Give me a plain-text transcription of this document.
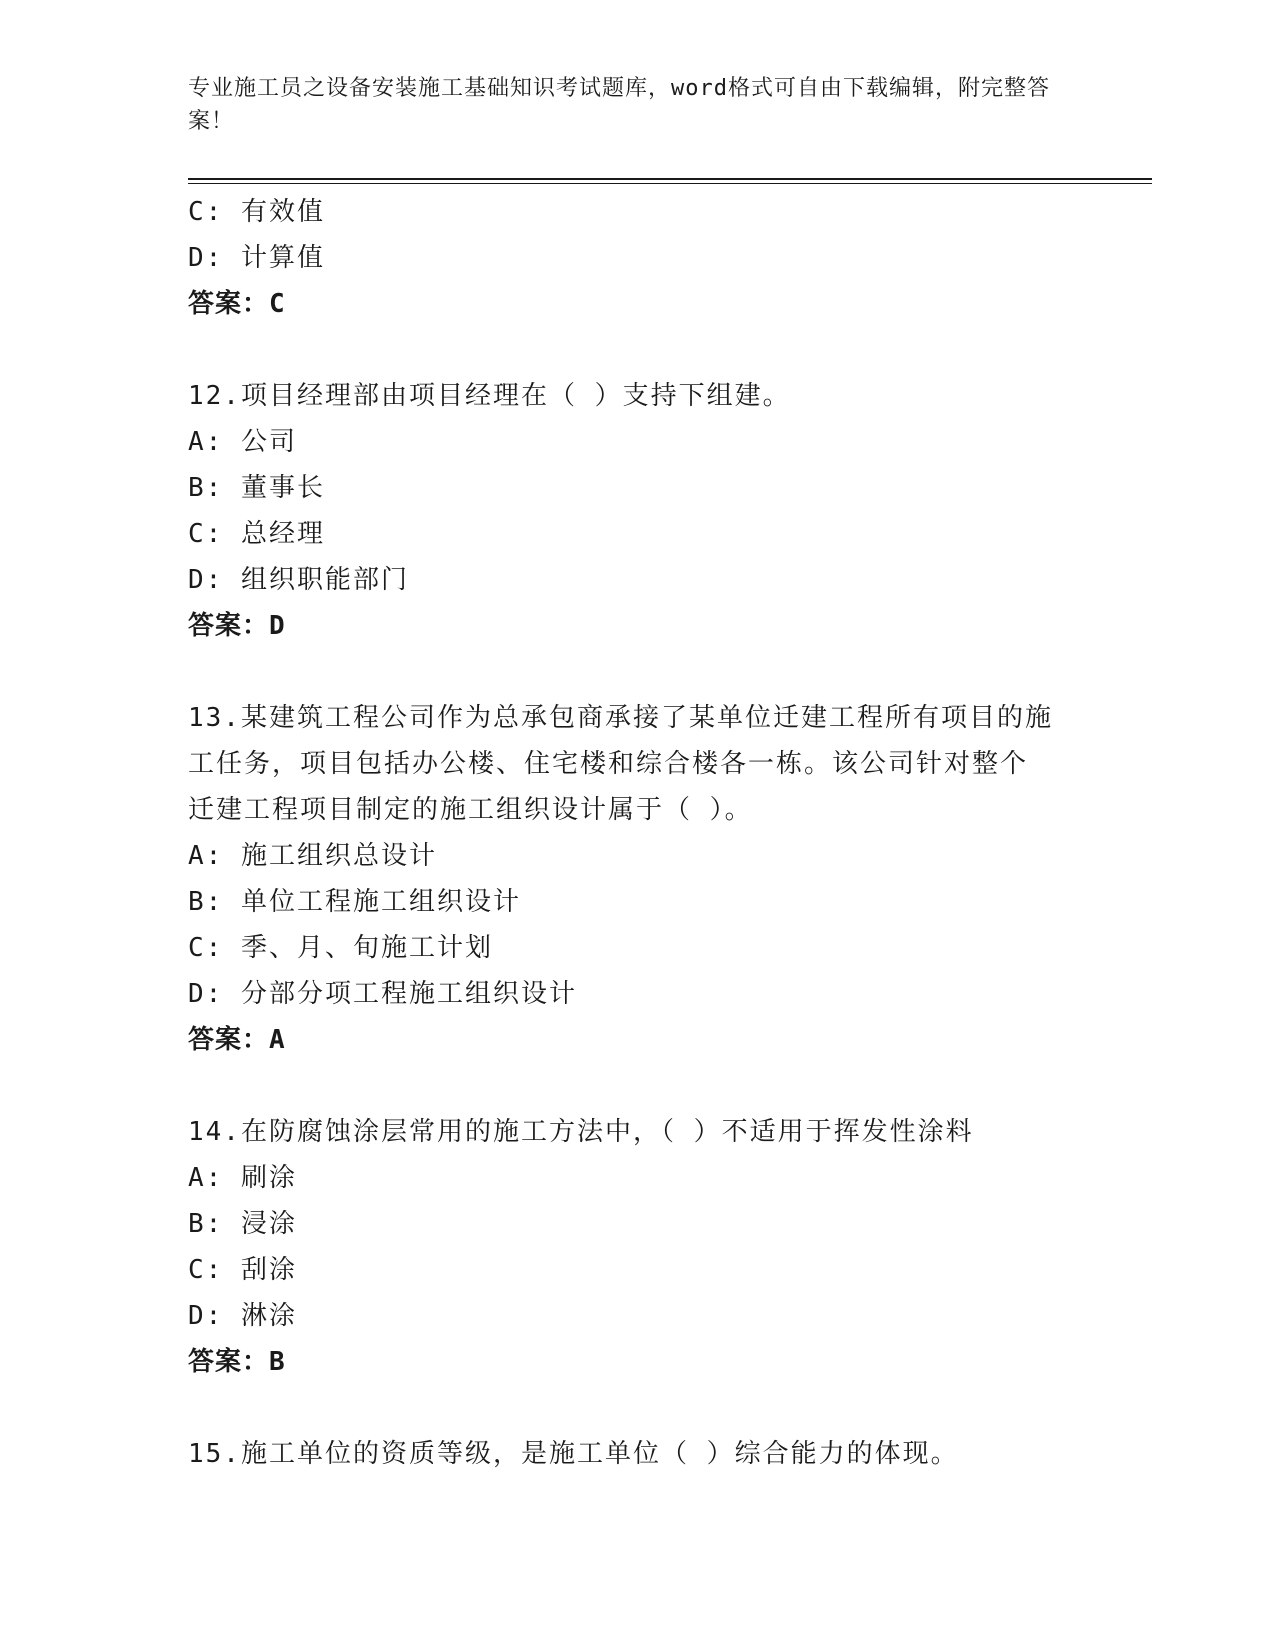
专业施工员之设备安装施工基础知识考试题库，word格式可自由下载编辑，附完整答案！
C: 有效值
D: 计算值
答案：C
12.项目经理部由项目经理在（ ）支持下组建。
A: 公司
B: 董事长
C: 总经理
D: 组织职能部门
答案：D
13.某建筑工程公司作为总承包商承接了某单位迁建工程所有项目的施
工任务，项目包括办公楼、住宅楼和综合楼各一栋。该公司针对整个
迁建工程项目制定的施工组织设计属于（ ）。
A: 施工组织总设计
B: 单位工程施工组织设计
C: 季、月、旬施工计划
D: 分部分项工程施工组织设计
答案：A
14.在防腐蚀涂层常用的施工方法中，（ ）不适用于挥发性涂料
A: 刷涂
B: 浸涂
C: 刮涂
D: 淋涂
答案：B
15.施工单位的资质等级，是施工单位（ ）综合能力的体现。
